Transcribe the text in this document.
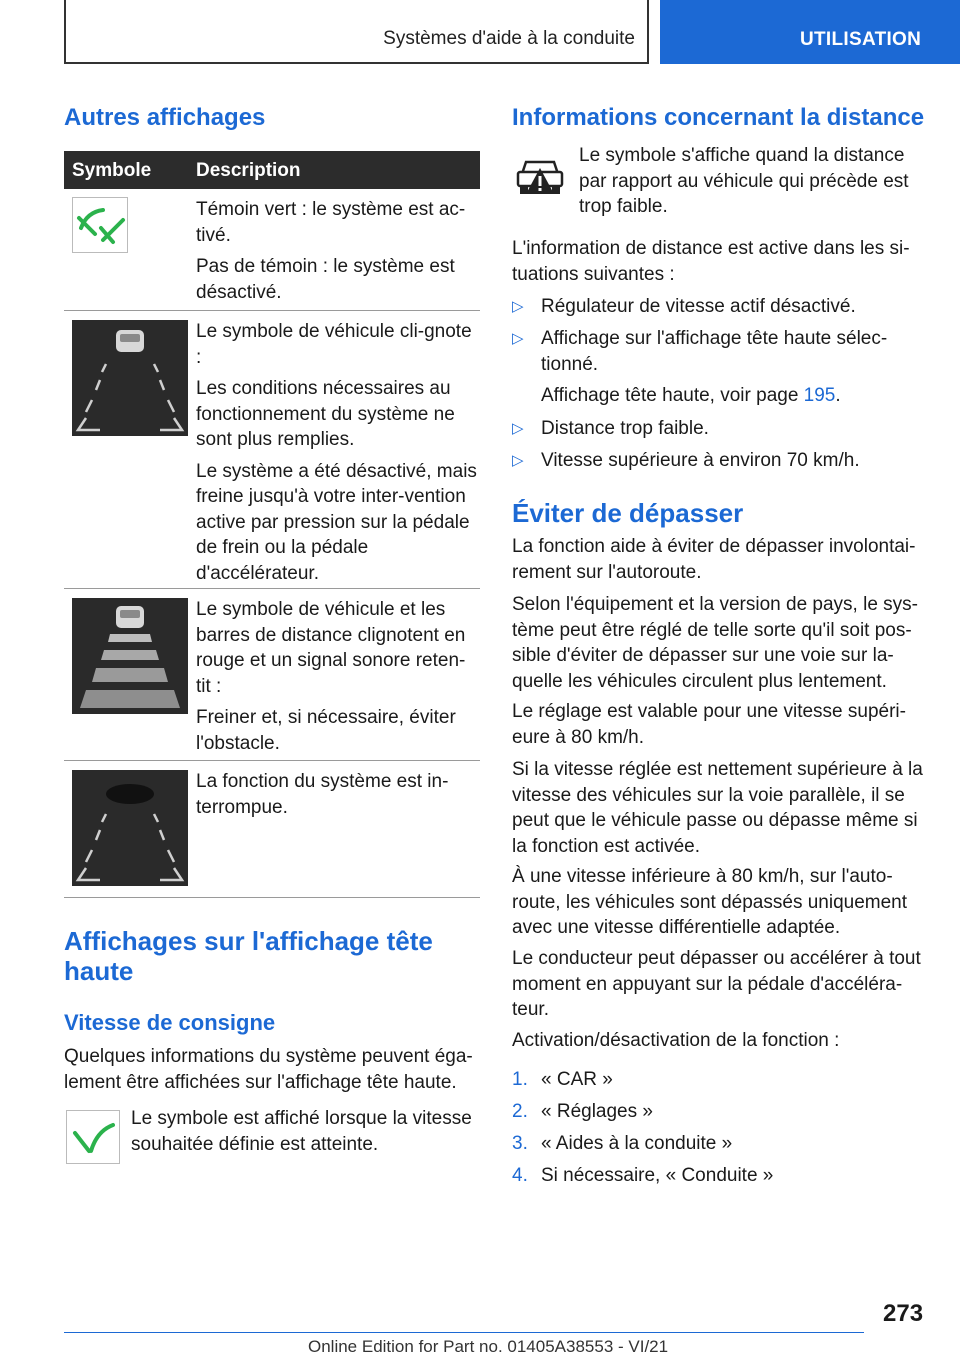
Systèmes d'aide à la conduite	UTILISATION
Autres affichages
Symbole Description

Témoin vert : le système est ac-tivé.

Pas de témoin : le système est désactivé.

Le symbole de véhicule cli-gnote :

Les conditions nécessaires au fonctionnement du système ne sont plus remplies.

Le système a été désactivé, mais freine jusqu'à votre inter-vention active par pression sur la pédale de frein ou la pédale d'accélérateur.

Le symbole de véhicule et les barres de distance clignotent en rouge et un signal sonore reten-tit :

Freiner et, si nécessaire, éviter l'obstacle.

La fonction du système est in-terrompue.

Affichages sur l'affichage tête haute
Vitesse de consigne
Quelques informations du système peuvent éga-lement être affichées sur l'affichage tête haute.
Le symbole est affiché lorsque la vitesse souhaitée définie est atteinte.
Informations concernant la distance
Le symbole s'affiche quand la distance par rapport au véhicule qui précède est trop faible.
L'information de distance est active dans les si-tuations suivantes :
▷ Régulateur de vitesse actif désactivé.
▷ Affichage sur l'affichage tête haute sélec-tionné.
Affichage tête haute, voir page 195.
▷ Distance trop faible.
▷ Vitesse supérieure à environ 70 km/h.
Éviter de dépasser
La fonction aide à éviter de dépasser involontai-rement sur l'autoroute.
Selon l'équipement et la version de pays, le sys-tème peut être réglé de telle sorte qu'il soit pos-sible d'éviter de dépasser sur une voie sur la-quelle les véhicules circulent plus lentement.
Le réglage est valable pour une vitesse supéri-eure à 80 km/h.
Si la vitesse réglée est nettement supérieure à la vitesse des véhicules sur la voie parallèle, il se peut que le véhicule passe ou dépasse même si la fonction est activée.
À une vitesse inférieure à 80 km/h, sur l'auto-route, les véhicules sont dépassés uniquement avec une vitesse différentielle adaptée.
Le conducteur peut dépasser ou accélérer à tout moment en appuyant sur la pédale d'accéléra-teur.
Activation/désactivation de la fonction :
1. « CAR »
2. « Réglages »
3. « Aides à la conduite »
4. Si nécessaire, « Conduite »
273
Online Edition for Part no. 01405A38553 - VI/21
